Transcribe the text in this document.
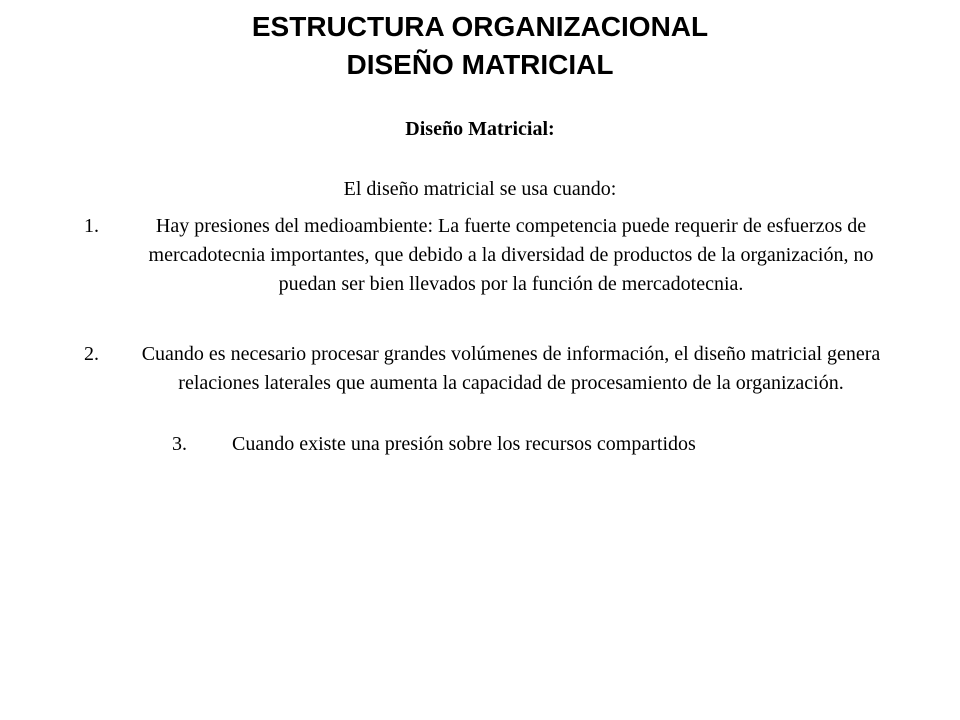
ESTRUCTURA ORGANIZACIONAL
DISEÑO MATRICIAL
Diseño Matricial:
El diseño matricial se usa cuando:
1.	Hay presiones del medioambiente: La fuerte competencia puede requerir de esfuerzos de mercadotecnia importantes, que debido a la diversidad de productos de la organización, no puedan ser bien llevados por la función de mercadotecnia.
2. Cuando es necesario procesar grandes volúmenes de información, el diseño matricial genera relaciones laterales que aumenta la capacidad de procesamiento de la organización.
3. Cuando existe una presión sobre los recursos compartidos
